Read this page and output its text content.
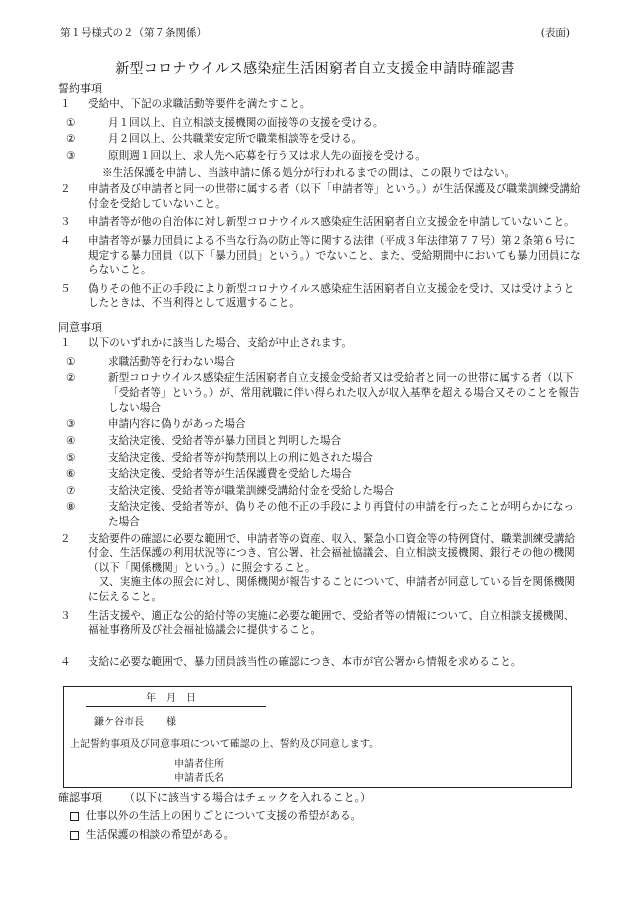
第１号様式の２（第７条関係）	(表面)
新型コロナウイルス感染症生活困窮者自立支援金申請時確認書
誓約事項
１ 受給中、下記の求職活動等要件を満たすこと。
①	月１回以上、自立相談支援機関の面接等の支援を受ける。
②	月２回以上、公共職業安定所で職業相談等を受ける。
③	原則週１回以上、求人先へ応募を行う又は求人先の面接を受ける。
※生活保護を申請し、当該申請に係る処分が行われるまでの間は、この限りではない。
２ 申請者及び申請者と同一の世帯に属する者（以下「申請者等」という。）が生活保護及び職業訓練受講給付金を受給していないこと。
３ 申請者等が他の自治体に対し新型コロナウイルス感染症生活困窮者自立支援金を申請していないこと。
４ 申請者等が暴力団員による不当な行為の防止等に関する法律（平成３年法律第７７号）第２条第６号に規定する暴力団員（以下「暴力団員」という。）でないこと、また、受給期間中においても暴力団員にならないこと。
５ 偽りその他不正の手段により新型コロナウイルス感染症生活困窮者自立支援金を受け、又は受けようとしたときは、不当利得として返還すること。
同意事項
１ 以下のいずれかに該当した場合、支給が中止されます。
①	求職活動等を行わない場合
②	新型コロナウイルス感染症生活困窮者自立支援金受給者又は受給者と同一の世帯に属する者（以下「受給者等」という。）が、常用就職に伴い得られた収入が収入基準を超える場合又そのことを報告しない場合
③	申請内容に偽りがあった場合
④	支給決定後、受給者等が暴力団員と判明した場合
⑤	支給決定後、受給者等が拘禁刑以上の刑に処された場合
⑥	支給決定後、受給者等が生活保護費を受給した場合
⑦	支給決定後、受給者等が職業訓練受講給付金を受給した場合
⑧	支給決定後、受給者等が、偽りその他不正の手段により再貸付の申請を行ったことが明らかになった場合
２ 支給要件の確認に必要な範囲で、申請者等の資産、収入、緊急小口資金等の特例貸付、職業訓練受講給付金、生活保護の利用状況等につき、官公署、社会福祉協議会、自立相談支援機関、銀行その他の機関（以下「関係機関」という。）に照会すること。
又、実施主体の照会に対し、関係機関が報告することについて、申請者が同意している旨を関係機関に伝えること。
３ 生活支援や、適正な公的給付等の実施に必要な範囲で、受給者等の情報について、自立相談支援機関、福祉事務所及び社会福祉協議会に提供すること。
４ 支給に必要な範囲で、暴力団員該当性の確認につき、本市が官公署から情報を求めること。
年　月　日
鎌ケ谷市長 様
上記誓約事項及び同意事項について確認の上、誓約及び同意します。
申請者住所
申請者氏名
確認事項 （以下に該当する場合はチェックを入れること。）
仕事以外の生活上の困りごとについて支援の希望がある。
生活保護の相談の希望がある。
